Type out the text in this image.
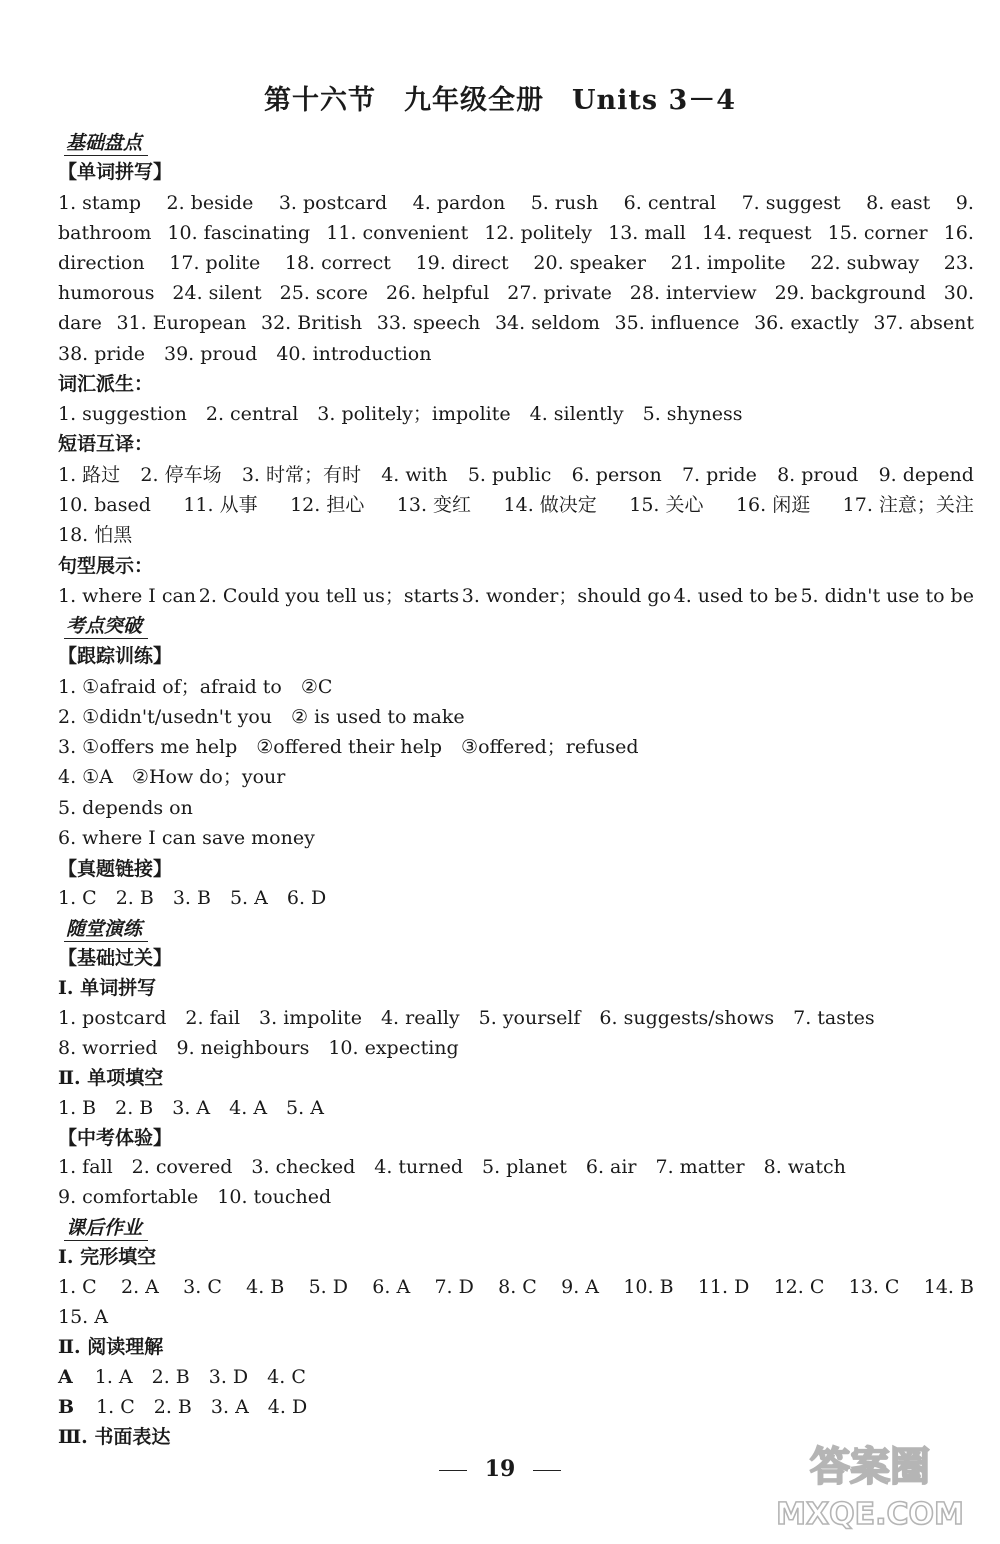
第十六节　九年级全册　Units 3－4
基础盘点
【单词拼写】
1. stamp 2. beside 3. postcard 4. pardon 5. rush 6. central 7. suggest 8. east 9.
bathroom 10. fascinating 11. convenient 12. politely 13. mall 14. request 15. corner 16.
direction 17. polite 18. correct 19. direct 20. speaker 21. impolite 22. subway 23.
humorous 24. silent 25. score 26. helpful 27. private 28. interview 29. background 30.
dare 31. European 32. British 33. speech 34. seldom 35. influence 36. exactly 37. absent
38. pride　39. proud　40. introduction
词汇派生：
1. suggestion　2. central　3. politely；impolite　4. silently　5. shyness
短语互译：
1. 路过 2. 停车场 3. 时常；有时 4. with 5. public 6. person 7. pride 8. proud 9. depend
10. based 11. 从事 12. 担心 13. 变红 14. 做决定 15. 关心 16. 闲逛 17. 注意；关注
18. 怕黑
句型展示：
1. where I can 2. Could you tell us；starts 3. wonder；should go 4. used to be 5. didn't use to be
考点突破
【跟踪训练】
1. ①afraid of；afraid to　②C
2. ①didn't/usedn't you　② is used to make
3. ①offers me help　②offered their help　③offered；refused
4. ①A　②How do；your
5. depends on
6. where I can save money
【真题链接】
1. C　2. B　3. B　5. A　6. D
随堂演练
【基础过关】
Ⅰ. 单词拼写
1. postcard　2. fail　3. impolite　4. really　5. yourself　6. suggests/shows　7. tastes
8. worried　9. neighbours　10. expecting
Ⅱ. 单项填空
1. B　2. B　3. A　4. A　5. A
【中考体验】
1. fall　2. covered　3. checked　4. turned　5. planet　6. air　7. matter　8. watch
9. comfortable　10. touched
课后作业
Ⅰ. 完形填空
1. C 2. A 3. C 4. B 5. D 6. A 7. D 8. C 9. A 10. B 11. D 12. C 13. C 14. B
15. A
Ⅱ. 阅读理解
A 1. A　2. B　3. D　4. C
B 1. C　2. B　3. A　4. D
Ⅲ. 书面表达
19	答案圈
MXQE.COM
